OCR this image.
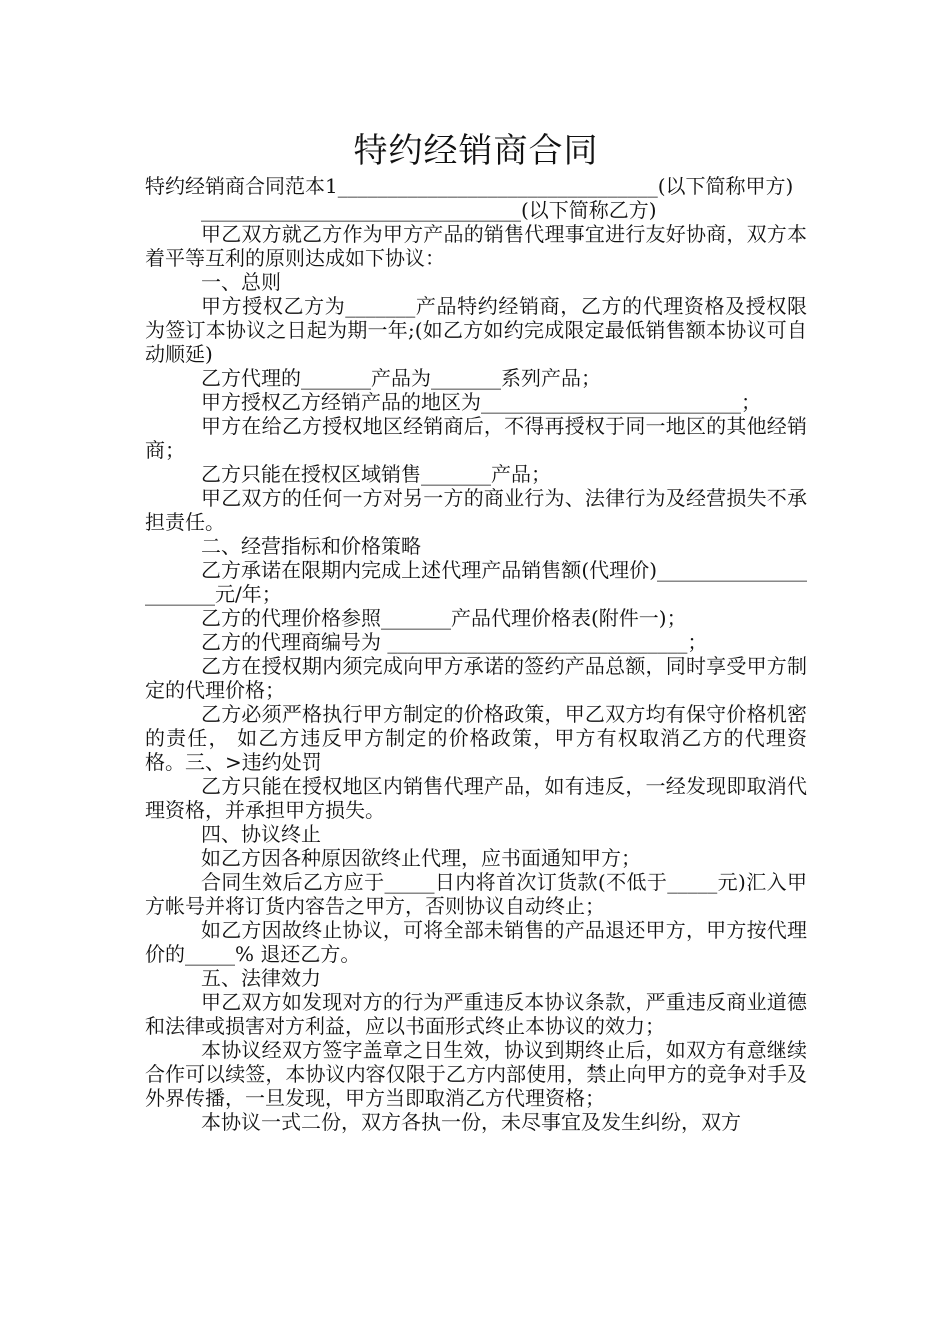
特约经销商合同

特约经销商合同范本1________________________________(以下简称甲方)

________________________________(以下简称乙方)

甲乙双方就乙方作为甲方产品的销售代理事宜进行友好协商，双方本着平等互利的原则达成如下协议：

一、总则

甲方授权乙方为_______产品特约经销商，乙方的代理资格及授权限为签订本协议之日起为期一年;(如乙方如约完成限定最低销售额本协议可自动顺延)

乙方代理的_______产品为_______系列产品；

甲方授权乙方经销产品的地区为__________________________；

甲方在给乙方授权地区经销商后，不得再授权于同一地区的其他经销商；

乙方只能在授权区域销售_______产品；

甲乙双方的任何一方对另一方的商业行为、法律行为及经营损失不承担责任。

二、经营指标和价格策略

乙方承诺在限期内完成上述代理产品销售额(代理价)______________________元/年；

乙方的代理价格参照_______产品代理价格表(附件一)；

乙方的代理商编号为 ______________________________；

乙方在授权期内须完成向甲方承诺的签约产品总额，同时享受甲方制定的代理价格；

乙方必须严格执行甲方制定的价格政策，甲乙双方均有保守价格机密的责任， 如乙方违反甲方制定的价格政策，甲方有权取消乙方的代理资格。三、>违约处罚

乙方只能在授权地区内销售代理产品，如有违反，一经发现即取消代理资格，并承担甲方损失。

四、协议终止

如乙方因各种原因欲终止代理，应书面通知甲方；

合同生效后乙方应于_____日内将首次订货款(不低于_____元)汇入甲方帐号并将订货内容告之甲方，否则协议自动终止；

如乙方因故终止协议，可将全部未销售的产品退还甲方，甲方按代理价的_____% 退还乙方。

五、法律效力

甲乙双方如发现对方的行为严重违反本协议条款，严重违反商业道德和法律或损害对方利益，应以书面形式终止本协议的效力；

本协议经双方签字盖章之日生效，协议到期终止后，如双方有意继续合作可以续签，本协议内容仅限于乙方内部使用，禁止向甲方的竞争对手及外界传播，一旦发现，甲方当即取消乙方代理资格；

本协议一式二份，双方各执一份，未尽事宜及发生纠纷，双方
